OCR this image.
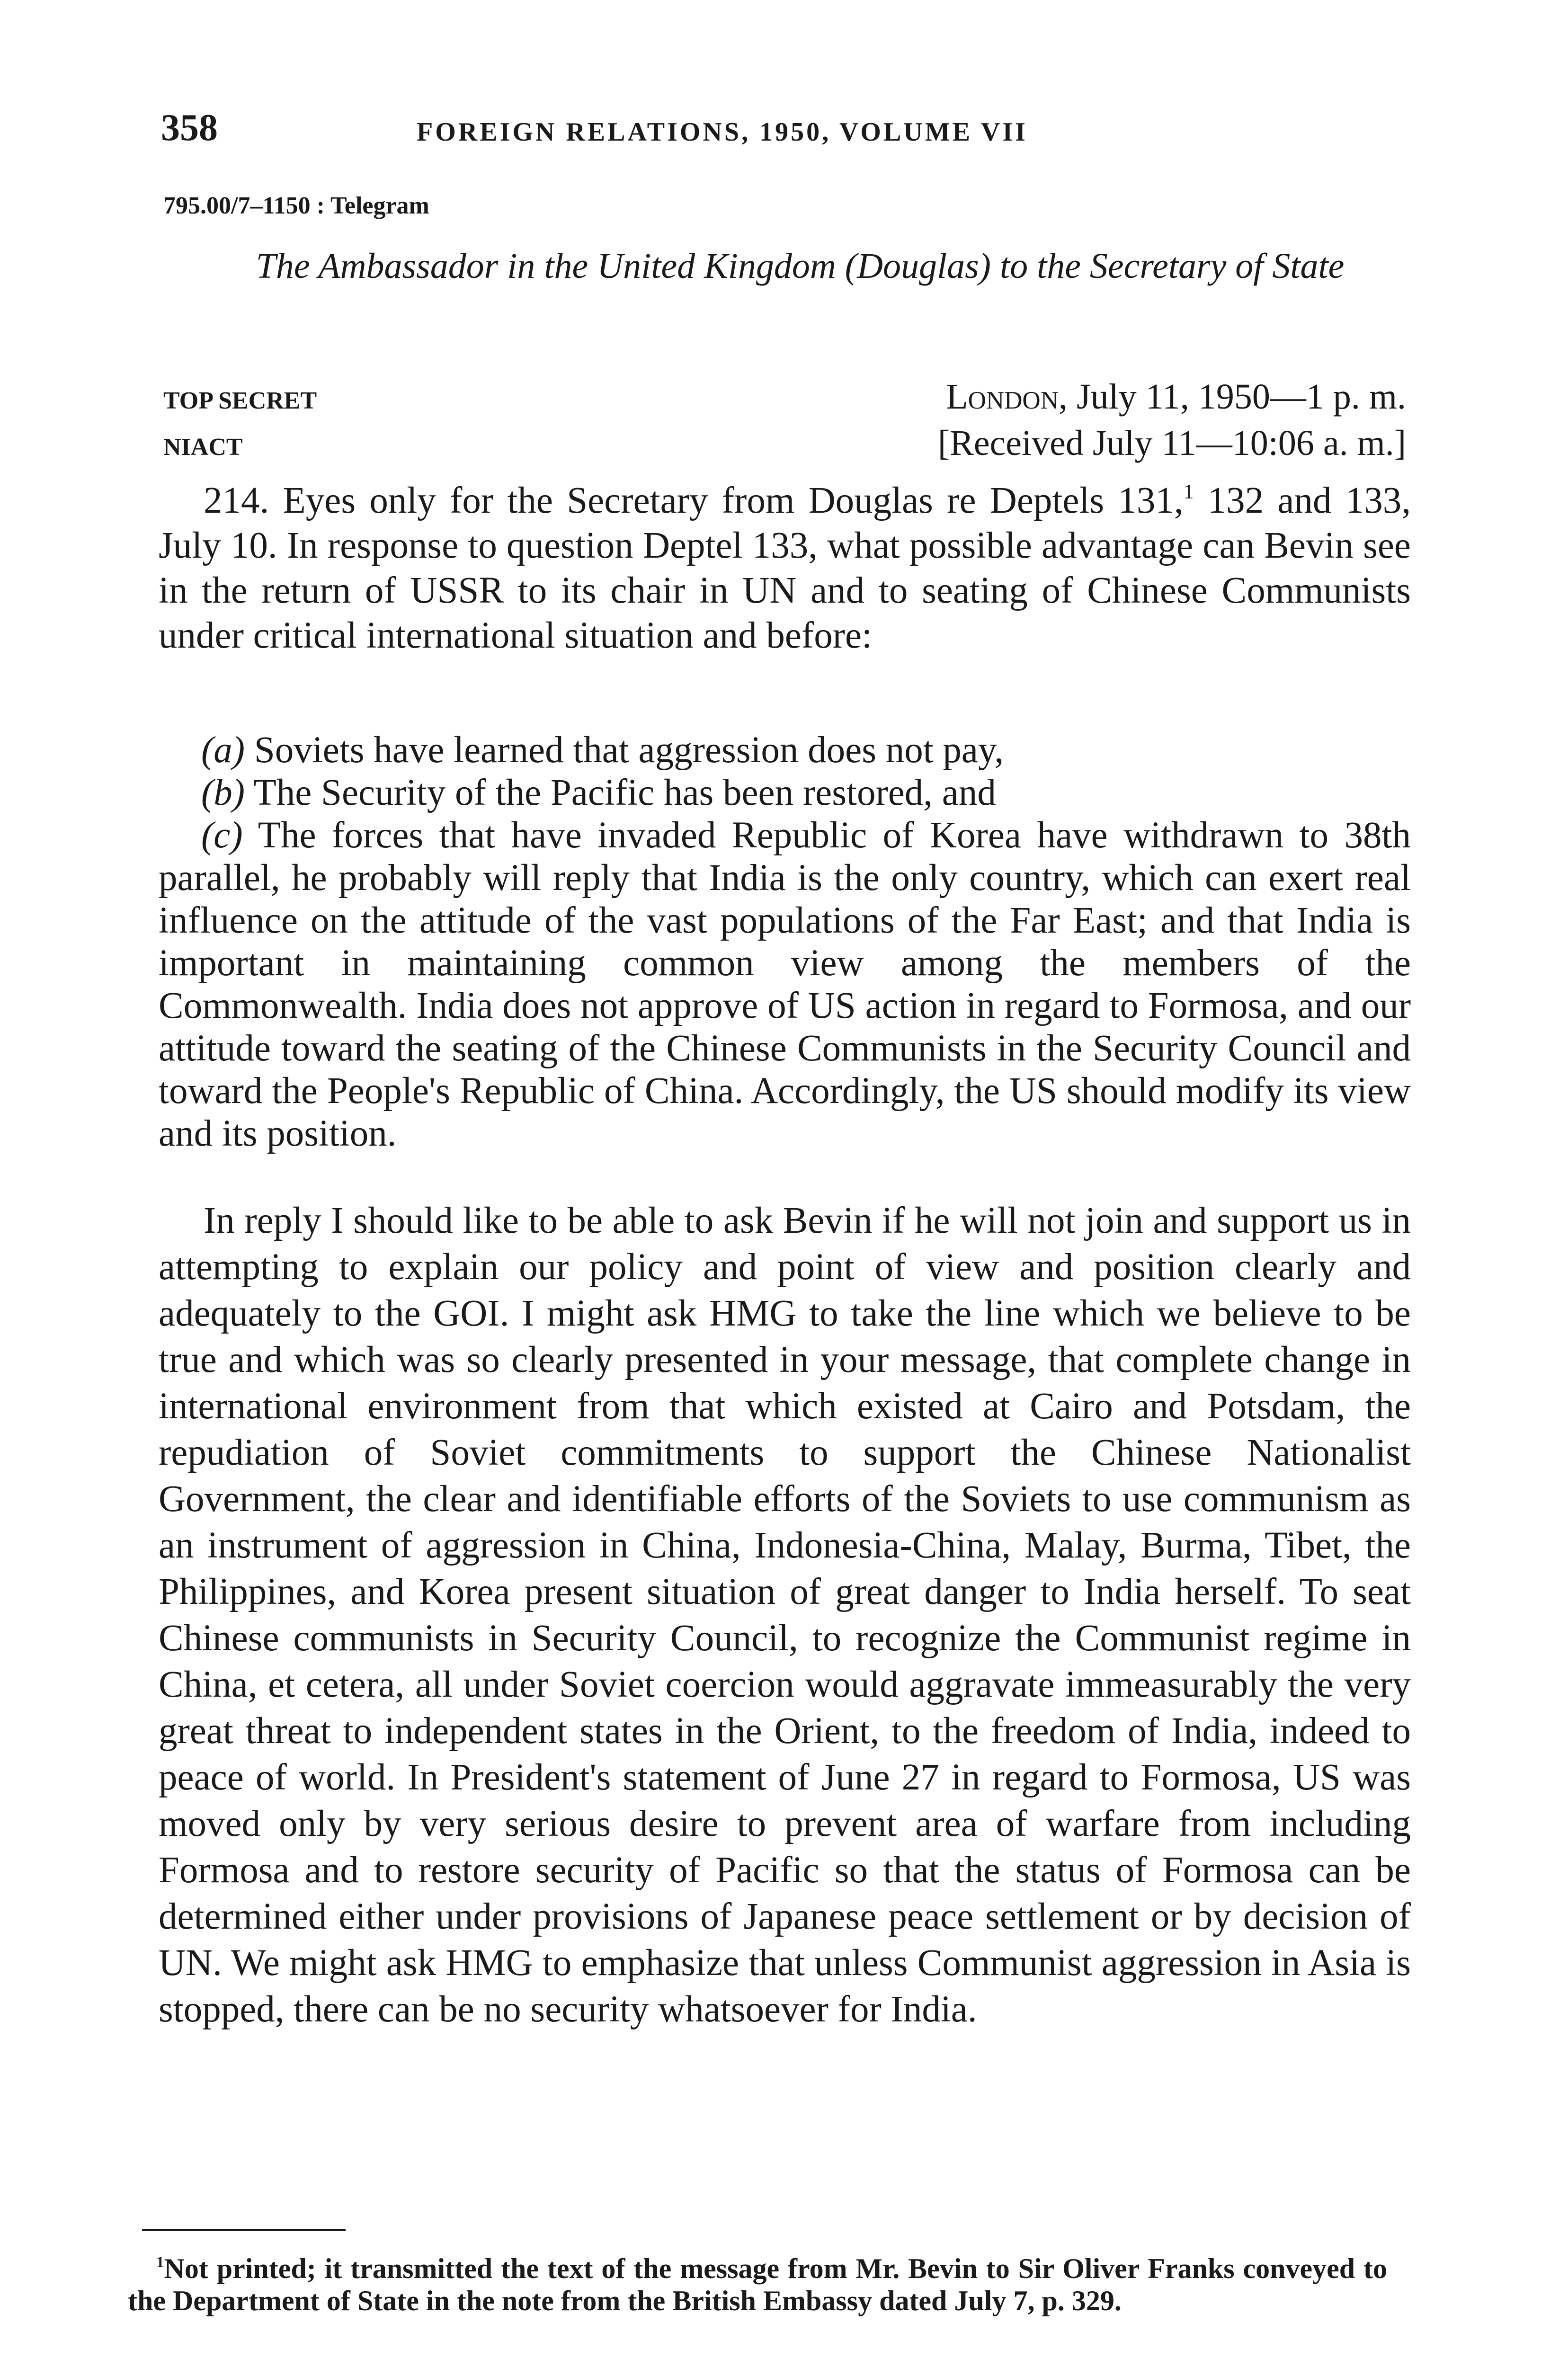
358	FOREIGN RELATIONS, 1950, VOLUME VII
795.00/7–1150 : Telegram
The Ambassador in the United Kingdom (Douglas) to the Secretary of State
TOP SECRET	London, July 11, 1950—1 p. m.
NIACT	[Received July 11—10:06 a. m.]

214. Eyes only for the Secretary from Douglas re Deptels 131,$^1$ 132 and 133, July 10. In response to question Deptel 133, what possible advantage can Bevin see in the return of USSR to its chair in UN and to seating of Chinese Communists under critical international situation and before:

(a) Soviets have learned that aggression does not pay,

(b) The Security of the Pacific has been restored, and

(c) The forces that have invaded Republic of Korea have withdrawn to 38th parallel, he probably will reply that India is the only country, which can exert real influence on the attitude of the vast populations of the Far East; and that India is important in maintaining common view among the members of the Commonwealth. India does not approve of US action in regard to Formosa, and our attitude toward the seating of the Chinese Communists in the Security Council and toward the People's Republic of China. Accordingly, the US should modify its view and its position.

In reply I should like to be able to ask Bevin if he will not join and support us in attempting to explain our policy and point of view and position clearly and adequately to the GOI. I might ask HMG to take the line which we believe to be true and which was so clearly presented in your message, that complete change in international environment from that which existed at Cairo and Potsdam, the repudiation of Soviet commitments to support the Chinese Nationalist Government, the clear and identifiable efforts of the Soviets to use communism as an instrument of aggression in China, Indonesia-China, Malay, Burma, Tibet, the Philippines, and Korea present situation of great danger to India herself. To seat Chinese communists in Security Council, to recognize the Communist regime in China, et cetera, all under Soviet coercion would aggravate immeasurably the very great threat to independent states in the Orient, to the freedom of India, indeed to peace of world. In President's statement of June 27 in regard to Formosa, US was moved only by very serious desire to prevent area of warfare from including Formosa and to restore security of Pacific so that the status of Formosa can be determined either under provisions of Japanese peace settlement or by decision of UN. We might ask HMG to emphasize that unless Communist aggression in Asia is stopped, there can be no security whatsoever for India.

$^1$Not printed; it transmitted the text of the message from Mr. Bevin to Sir Oliver Franks conveyed to the Department of State in the note from the British Embassy dated July 7, p. 329.
